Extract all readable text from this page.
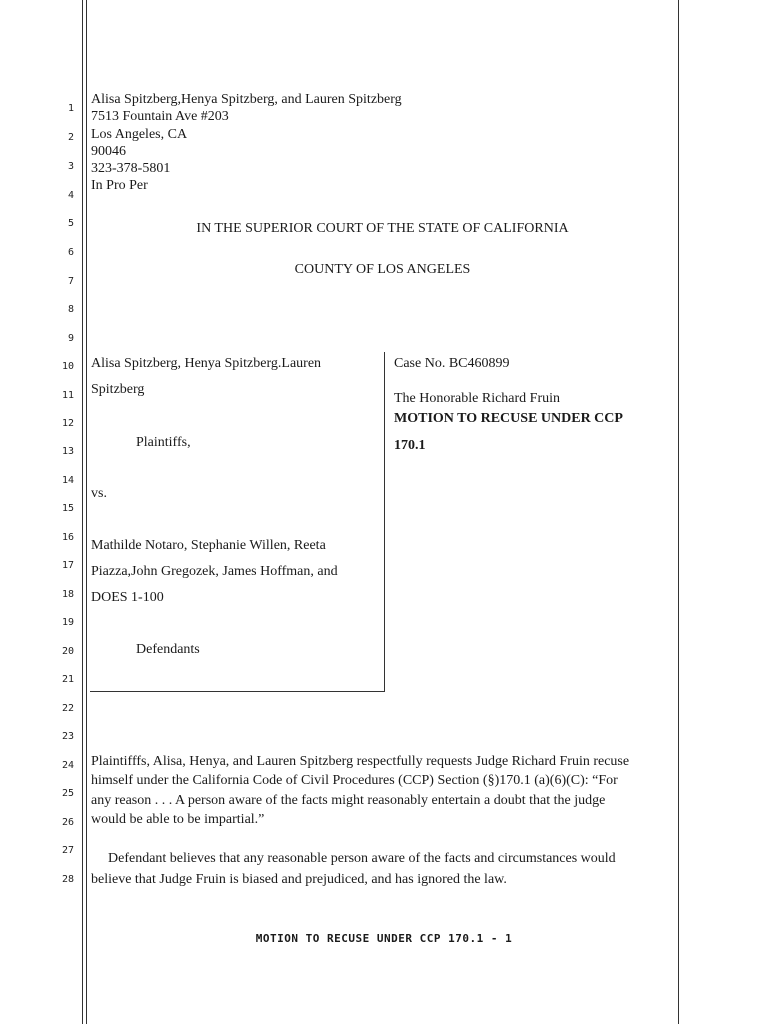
1
2
3
4
5
6
7
8
9
10
11
12
13
14
15
16
17
18
19
20
21
22
23
24
25
26
27
28
Alisa Spitzberg,Henya Spitzberg, and Lauren Spitzberg
7513 Fountain Ave #203
Los Angeles, CA
90046
323-378-5801
In Pro Per
IN THE SUPERIOR COURT OF THE STATE OF CALIFORNIA
COUNTY OF LOS ANGELES
Alisa Spitzberg, Henya Spitzberg.Lauren
Spitzberg
Plaintiffs,
vs.
Mathilde Notaro, Stephanie Willen, Reeta
Piazza,John Gregozek, James Hoffman, and
DOES 1-100
Defendants
Case No. BC460899
The Honorable Richard Fruin
MOTION TO RECUSE UNDER CCP
170.1
Plaintifffs, Alisa, Henya, and Lauren Spitzberg respectfully requests Judge Richard Fruin recuse
himself under the California Code of Civil Procedures (CCP) Section (§)170.1 (a)(6)(C): “For
any reason . . . A person aware of the facts might reasonably entertain a doubt that the judge
would be able to be impartial.”
Defendant believes that any reasonable person aware of the facts and circumstances would
believe that Judge Fruin is biased and prejudiced, and has ignored the law.
MOTION TO RECUSE UNDER CCP 170.1 - 1
